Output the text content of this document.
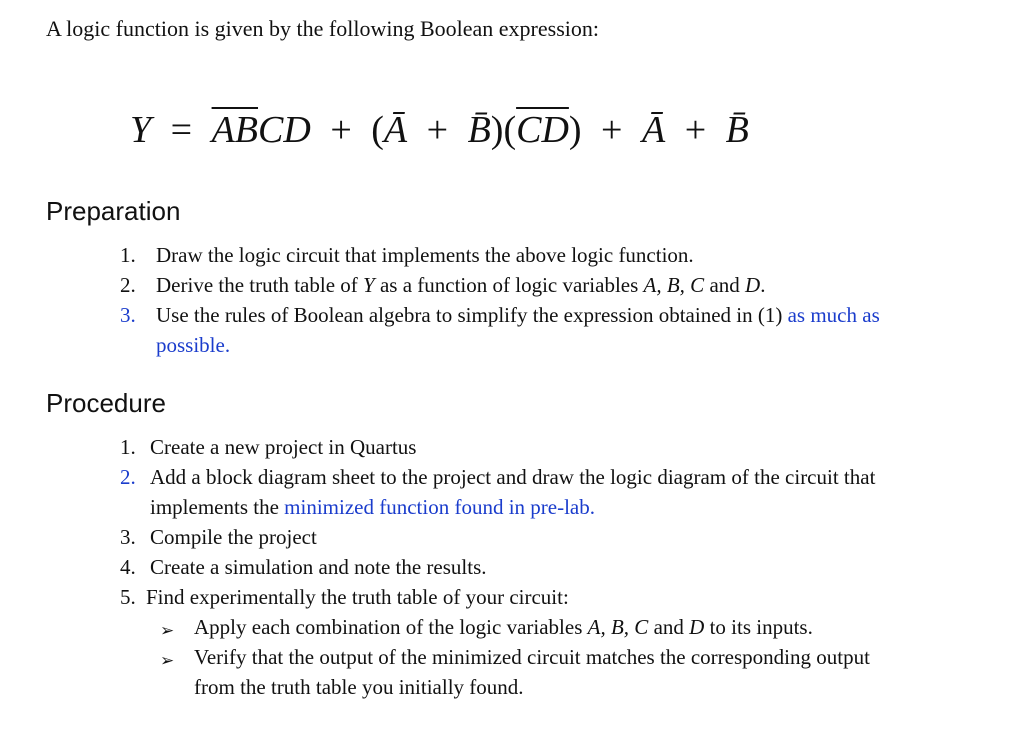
A logic function is given by the following Boolean expression:
$Y = \overline{AB}CD$ + (Ā + $B̄)(\overline{CD})$ + Ā + B̄
Preparation
1. Draw the logic circuit that implements the above logic function.
2. Derive the truth table of Y as a function of logic variables A, B, C and D.
3. Use the rules of Boolean algebra to simplify the expression obtained in (1) as much as
possible.
Procedure
1. Create a new project in Quartus
2. Add a block diagram sheet to the project and draw the logic diagram of the circuit that
implements the minimized function found in pre-lab.
3. Compile the project
4. Create a simulation and note the results.
5. Find experimentally the truth table of your circuit:
➢ Apply each combination of the logic variables A, B, C and D to its inputs.
➢ Verify that the output of the minimized circuit matches the corresponding output
from the truth table you initially found.
